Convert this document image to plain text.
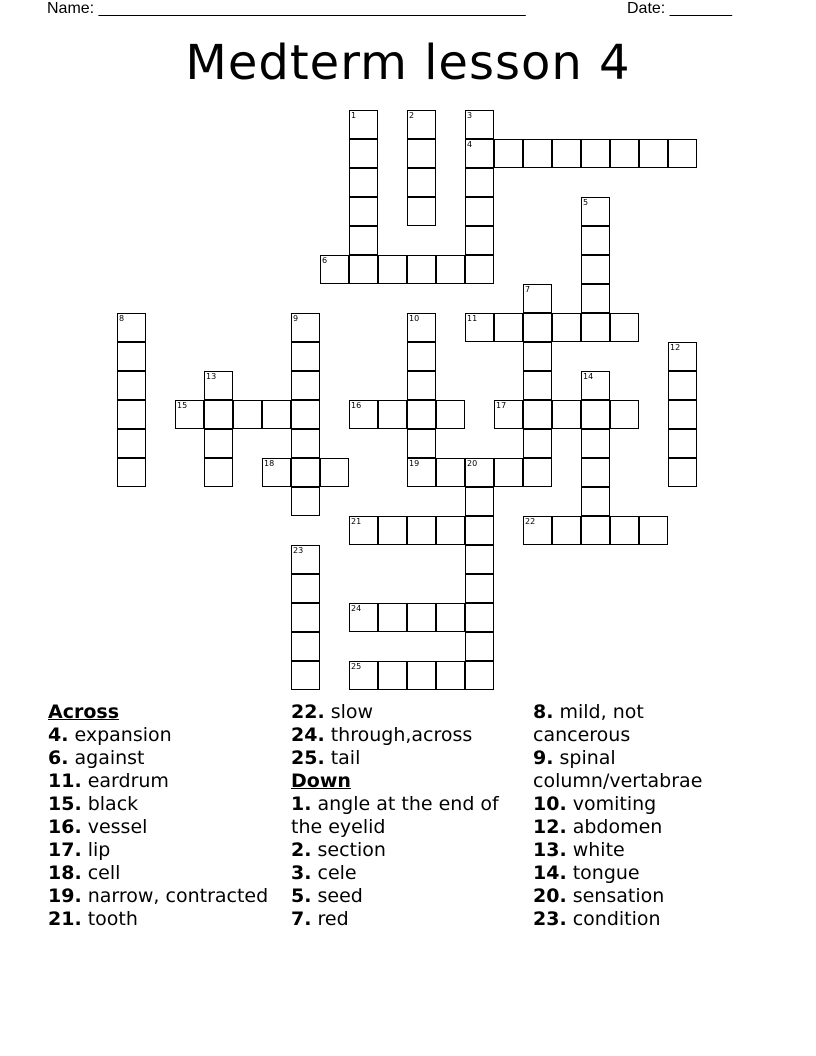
Name: ________________________________________________	Date: _______
Medterm lesson 4
1	2	3
4
5
6
7
8	9	10
19
11
12
13	14
15	16	17
18	20
21	22
23
24
25
Across
4. expansion
6. against
11. eardrum
15. black
16. vessel
17. lip
18. cell
19. narrow, contracted
21. tooth
22. slow
24. through,across
25. tail
Down
1. angle at the end of the eyelid
2. section
3. cele
5. seed
7. red
8. mild, not cancerous
9. spinal column/vertabrae
10. vomiting
12. abdomen
13. white
14. tongue
20. sensation
23. condition
